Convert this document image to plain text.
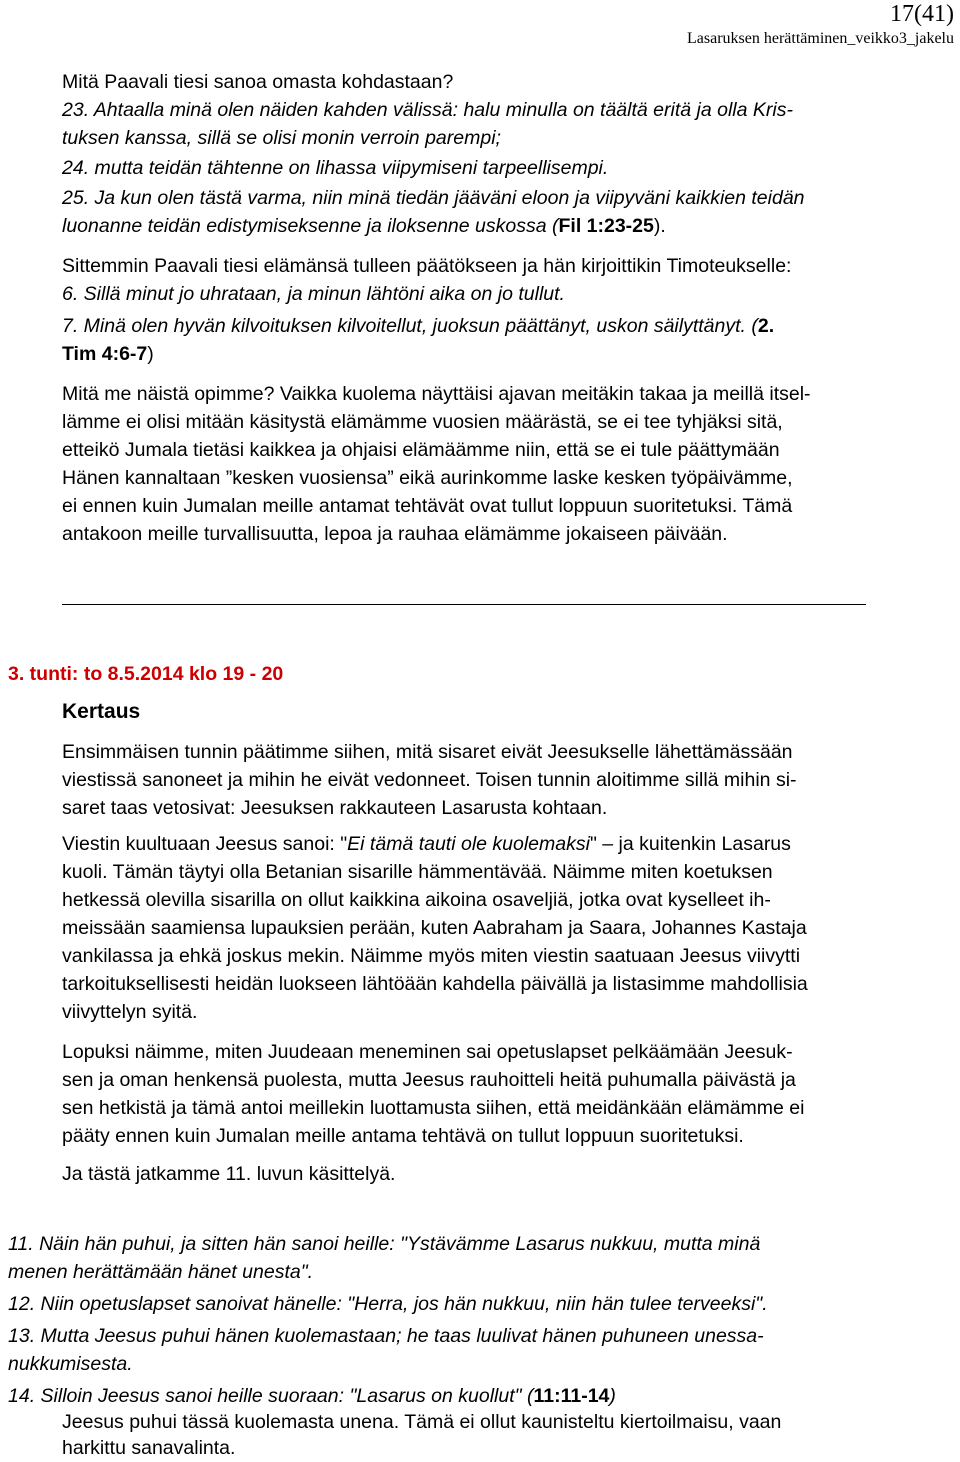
17(41)
Lasaruksen herättäminen_veikko3_jakelu
Mitä Paavali tiesi sanoa omasta kohdastaan?
23. Ahtaalla minä olen näiden kahden välissä: halu minulla on täältä eritä ja olla Kris-
tuksen kanssa, sillä se olisi monin verroin parempi;
24. mutta teidän tähtenne on lihassa viipymiseni tarpeellisempi.
25. Ja kun olen tästä varma, niin minä tiedän jääväni eloon ja viipyväni kaikkien teidän
luonanne teidän edistymiseksenne ja iloksenne uskossa (Fil 1:23-25).
Sittemmin Paavali tiesi elämänsä tulleen päätökseen ja hän kirjoittikin Timoteukselle:
6. Sillä minut jo uhrataan, ja minun lähtöni aika on jo tullut.
7. Minä olen hyvän kilvoituksen kilvoitellut, juoksun päättänyt, uskon säilyttänyt. (2.
Tim 4:6-7)
Mitä me näistä opimme? Vaikka kuolema näyttäisi ajavan meitäkin takaa ja meillä itsel-
lämme ei olisi mitään käsitystä elämämme vuosien määrästä, se ei tee tyhjäksi sitä,
etteikö Jumala tietäsi kaikkea ja ohjaisi elämäämme niin, että se ei tule päättymään
Hänen kannaltaan ”kesken vuosiensa” eikä aurinkomme laske kesken työpäivämme,
ei ennen kuin Jumalan meille antamat tehtävät ovat tullut loppuun suoritetuksi. Tämä
antakoon meille turvallisuutta, lepoa ja rauhaa elämämme jokaiseen päivään.
3. tunti: to 8.5.2014 klo 19 - 20
Kertaus
Ensimmäisen tunnin päätimme siihen, mitä sisaret eivät Jeesukselle lähettämässään
viestissä sanoneet ja mihin he eivät vedonneet. Toisen tunnin aloitimme sillä mihin si-
saret taas vetosivat: Jeesuksen rakkauteen Lasarusta kohtaan.
Viestin kuultuaan Jeesus sanoi: "Ei tämä tauti ole kuolemaksi" – ja kuitenkin Lasarus
kuoli. Tämän täytyi olla Betanian sisarille hämmentävää. Näimme miten koetuksen
hetkessä olevilla sisarilla on ollut kaikkina aikoina osaveljiä, jotka ovat kyselleet ih-
meissään saamiensa lupauksien perään, kuten Aabraham ja Saara, Johannes Kastaja
vankilassa ja ehkä joskus mekin. Näimme myös miten viestin saatuaan Jeesus viivytti
tarkoituksellisesti heidän luokseen lähtöään kahdella päivällä ja listasimme mahdollisia
viivyttelyn syitä.
Lopuksi näimme, miten Juudeaan meneminen sai opetuslapset pelkäämään Jeesuk-
sen ja oman henkensä puolesta, mutta Jeesus rauhoitteli heitä puhumalla päivästä ja
sen hetkistä ja tämä antoi meillekin luottamusta siihen, että meidänkään elämämme ei
pääty ennen kuin Jumalan meille antama tehtävä on tullut loppuun suoritetuksi.
Ja tästä jatkamme 11. luvun käsittelyä.
11. Näin hän puhui, ja sitten hän sanoi heille: "Ystävämme Lasarus nukkuu, mutta minä
menen herättämään hänet unesta".
12. Niin opetuslapset sanoivat hänelle: "Herra, jos hän nukkuu, niin hän tulee terveeksi".
13. Mutta Jeesus puhui hänen kuolemastaan; he taas luulivat hänen puhuneen unessa-
nukkumisesta.
14. Silloin Jeesus sanoi heille suoraan: "Lasarus on kuollut" (11:11-14)
Jeesus puhui tässä kuolemasta unena. Tämä ei ollut kaunisteltu kiertoilmaisu, vaan
harkittu sanavalinta.
